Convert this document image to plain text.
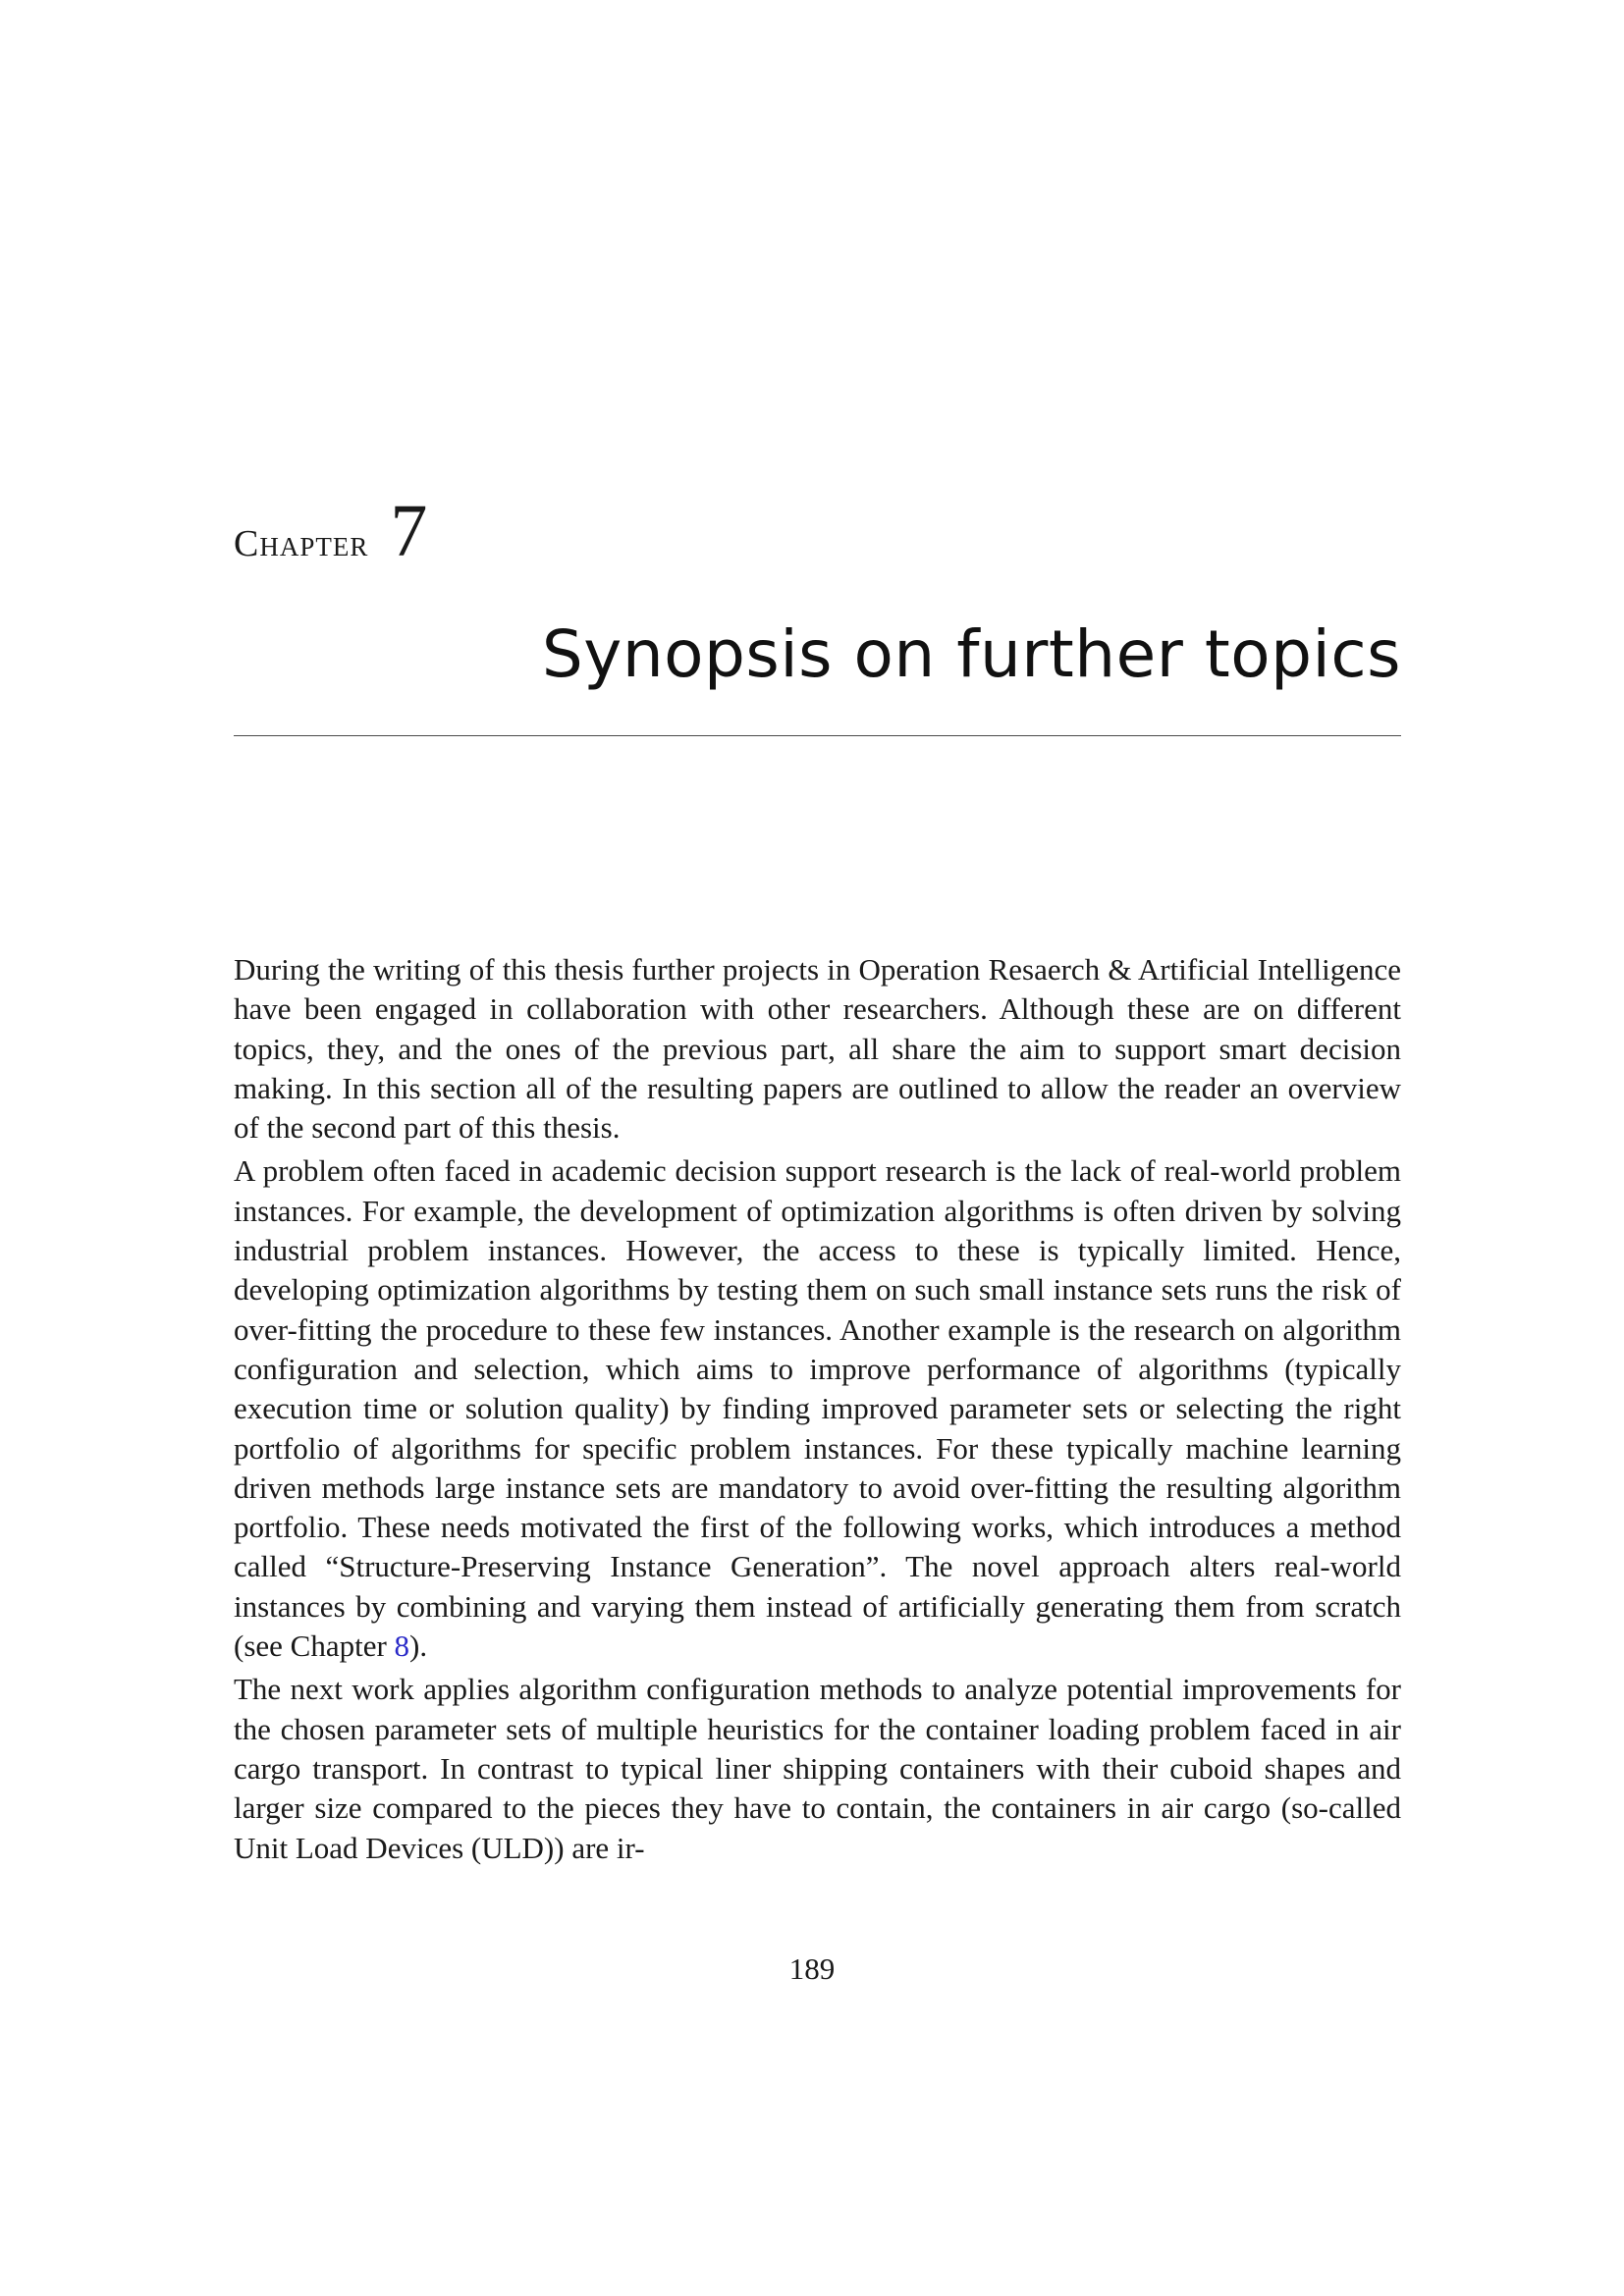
Chapter 7
Synopsis on further topics

During the writing of this thesis further projects in Operation Resaerch & Artificial Intelligence have been engaged in collaboration with other researchers. Although these are on different topics, they, and the ones of the previous part, all share the aim to support smart decision making. In this section all of the resulting papers are outlined to allow the reader an overview of the second part of this thesis.

A problem often faced in academic decision support research is the lack of real-world problem instances. For example, the development of optimization algorithms is often driven by solving industrial problem instances. However, the access to these is typically limited. Hence, developing optimization algorithms by testing them on such small instance sets runs the risk of over-fitting the procedure to these few instances. Another example is the research on algorithm configuration and selection, which aims to improve performance of algorithms (typically execution time or solution quality) by finding improved parameter sets or selecting the right portfolio of algorithms for specific problem instances. For these typically machine learning driven methods large instance sets are mandatory to avoid over-fitting the resulting algorithm portfolio. These needs motivated the first of the following works, which introduces a method called “Structure-Preserving Instance Generation”. The novel approach alters real-world instances by combining and varying them instead of artificially generating them from scratch (see Chapter 8).

The next work applies algorithm configuration methods to analyze potential improvements for the chosen parameter sets of multiple heuristics for the container loading problem faced in air cargo transport. In contrast to typical liner shipping containers with their cuboid shapes and larger size compared to the pieces they have to contain, the containers in air cargo (so-called Unit Load Devices (ULD)) are ir-

189
